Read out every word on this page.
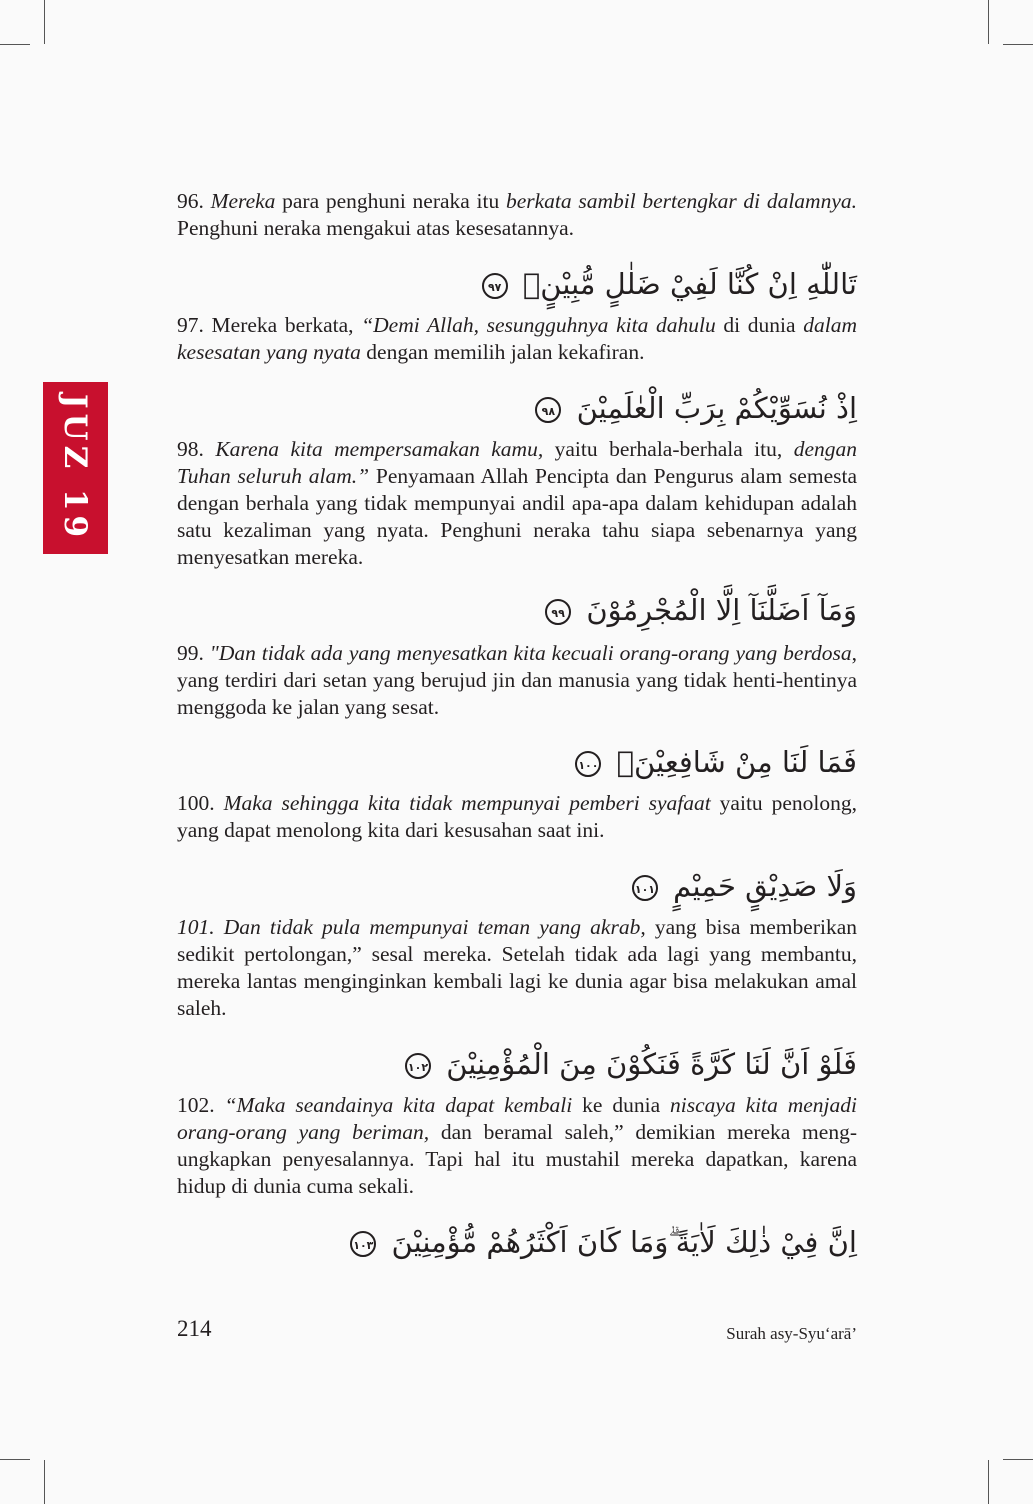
JUZ 19

96. Mereka para penghuni neraka itu berkata sambil bertengkar di dalamnya. Penghuni neraka mengakui atas kesesatannya.

تَاللّٰهِ اِنْ كُنَّا لَفِيْ ضَلٰلٍ مُّبِيْنٍۙ ٩٧

97. Mereka berkata, “Demi Allah, sesungguhnya kita dahulu di dunia dalam kesesatan yang nyata dengan memilih jalan kekafiran.

اِذْ نُسَوِّيْكُمْ بِرَبِّ الْعٰلَمِيْنَ ٩٨

98. Karena kita mempersamakan kamu, yaitu berhala-berhala itu, dengan Tuhan seluruh alam.” Penyamaan Allah Pencipta dan Pengurus alam semesta dengan berhala yang tidak mempunyai andil apa-apa dalam kehidupan adalah satu kezaliman yang nyata. Penghuni neraka tahu siapa sebenarnya yang menyesatkan mereka.

وَمَآ اَضَلَّنَآ اِلَّا الْمُجْرِمُوْنَ ٩٩

99. "Dan tidak ada yang menyesatkan kita kecuali orang-orang yang berdosa, yang terdiri dari setan yang berujud jin dan manusia yang tidak henti-hentinya menggoda ke jalan yang sesat.

فَمَا لَنَا مِنْ شَافِعِيْنَۙ ١٠٠

100. Maka sehingga kita tidak mempunyai pemberi syafaat yaitu penolong, yang dapat menolong kita dari kesusahan saat ini.

وَلَا صَدِيْقٍ حَمِيْمٍ ١٠١

101. Dan tidak pula mempunyai teman yang akrab, yang bisa memberikan sedikit pertolongan,” sesal mereka. Setelah tidak ada lagi yang membantu, mereka lantas menginginkan kembali lagi ke dunia agar bisa melakukan amal saleh.

فَلَوْ اَنَّ لَنَا كَرَّةً فَنَكُوْنَ مِنَ الْمُؤْمِنِيْنَ ١٠٢

102. “Maka seandainya kita dapat kembali ke dunia niscaya kita menjadi orang-orang yang beriman, dan beramal saleh,” demikian mereka mengungkapkan penyesalannya. Tapi hal itu mustahil mereka dapatkan, karena hidup di dunia cuma sekali.

اِنَّ فِيْ ذٰلِكَ لَاٰيَةً ۗوَمَا كَانَ اَكْثَرُهُمْ مُّؤْمِنِيْنَ ١٠٣
214	Surah asy-Syu‘arā’
